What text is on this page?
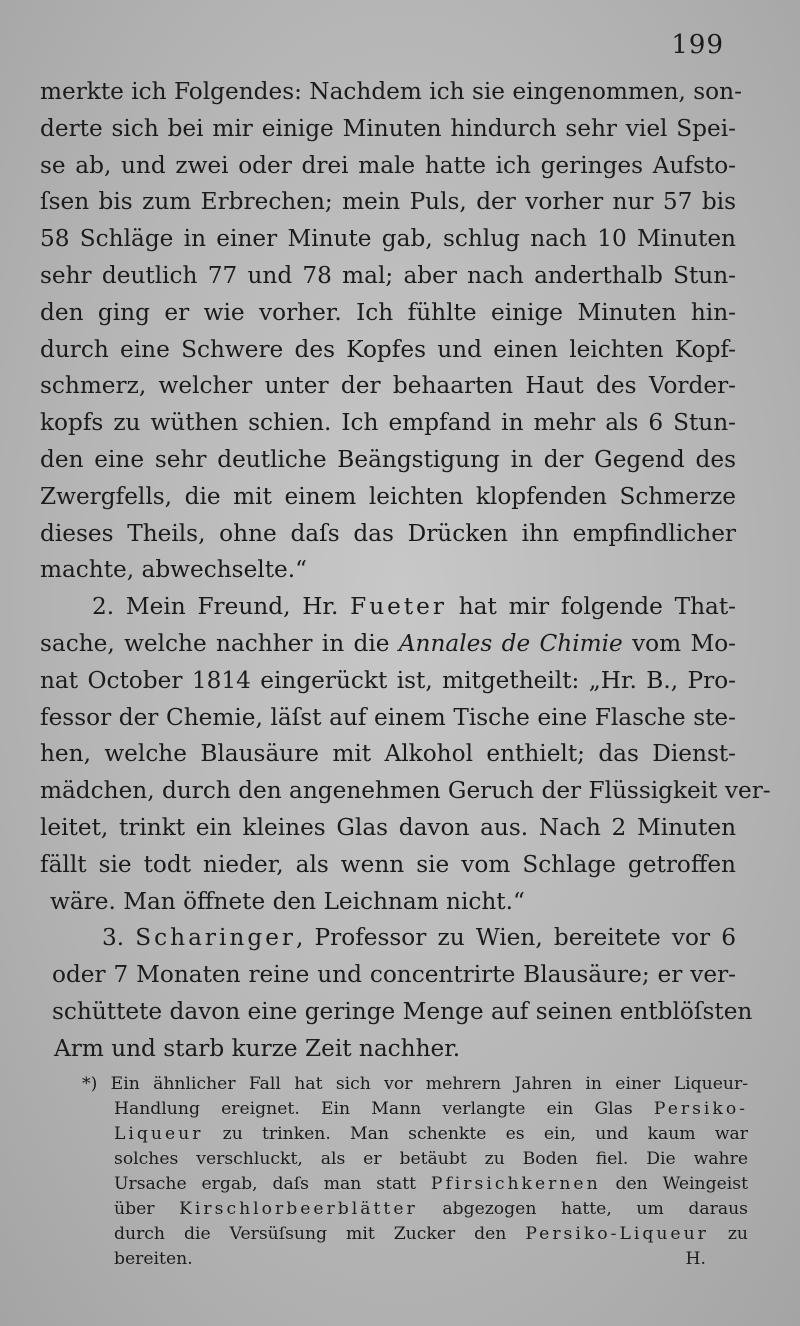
199
merkte ich Folgendes: Nachdem ich sie eingenommen, son-
derte sich bei mir einige Minuten hindurch sehr viel Spei-
se ab, und zwei oder drei male hatte ich geringes Aufsto-
ſsen bis zum Erbrechen; mein Puls, der vorher nur 57 bis
58 Schläge in einer Minute gab, schlug nach 10 Minuten
sehr deutlich 77 und 78 mal; aber nach anderthalb Stun-
den ging er wie vorher. Ich fühlte einige Minuten hin-
durch eine Schwere des Kopfes und einen leichten Kopf-
schmerz, welcher unter der behaarten Haut des Vorder-
kopfs zu wüthen schien. Ich empfand in mehr als 6 Stun-
den eine sehr deutliche Beängstigung in der Gegend des
Zwergfells, die mit einem leichten klopfenden Schmerze
dieses Theils, ohne daſs das Drücken ihn empfindlicher
machte, abwechselte.“
2. Mein Freund, Hr. Fueter hat mir folgende That-
sache, welche nachher in die Annales de Chimie vom Mo-
nat October 1814 eingerückt ist, mitgetheilt: „Hr. B., Pro-
fessor der Chemie, läſst auf einem Tische eine Flasche ste-
hen, welche Blausäure mit Alkohol enthielt; das Dienst-
mädchen, durch den angenehmen Geruch der Flüssigkeit ver-
leitet, trinkt ein kleines Glas davon aus. Nach 2 Minuten
fällt sie todt nieder, als wenn sie vom Schlage getroffen
wäre. Man öffnete den Leichnam nicht.“
3. Scharinger, Professor zu Wien, bereitete vor 6
oder 7 Monaten reine und concentrirte Blausäure; er ver-
schüttete davon eine geringe Menge auf seinen entblöſsten
Arm und starb kurze Zeit nachher.
*) Ein ähnlicher Fall hat sich vor mehrern Jahren in einer Liqueur-
Handlung ereignet. Ein Mann verlangte ein Glas Persiko-
Liqueur zu trinken. Man schenkte es ein, und kaum war
solches verschluckt, als er betäubt zu Boden fiel. Die wahre
Ursache ergab, daſs man statt Pfirsichkernen den Weingeist
über Kirschlorbeerblätter abgezogen hatte, um daraus
durch die Versüſsung mit Zucker den Persiko-Liqueur zu
bereiten.	H.
